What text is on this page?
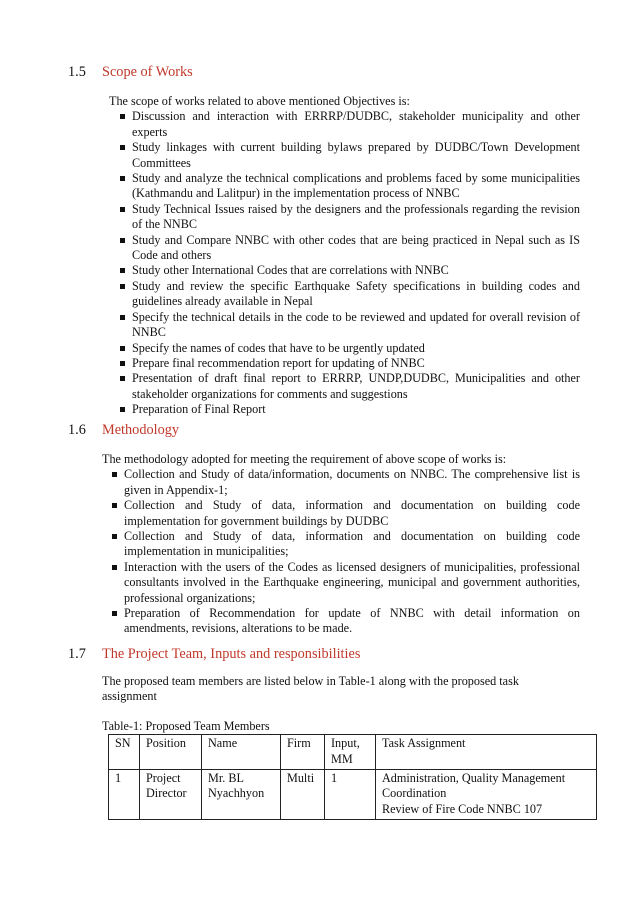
1.5 Scope of Works

The scope of works related to above mentioned Objectives is:

Discussion and interaction with ERRRP/DUDBC, stakeholder municipality and other experts
Study linkages with current building bylaws prepared by DUDBC/Town Development Committees
Study and analyze the technical complications and problems faced by some municipalities (Kathmandu and Lalitpur) in the implementation process of NNBC
Study Technical Issues raised by the designers and the professionals regarding the revision of the NNBC
Study and Compare NNBC with other codes that are being practiced in Nepal such as IS Code and others
Study other International Codes that are correlations with NNBC
Study and review the specific Earthquake Safety specifications in building codes and guidelines already available in Nepal
Specify the technical details in the code to be reviewed and updated for overall revision of NNBC
Specify the names of codes that have to be urgently updated
Prepare final recommendation report for updating of NNBC
Presentation of draft final report to ERRRP, UNDP,DUDBC, Municipalities and other stakeholder organizations for comments and suggestions
Preparation of Final Report
1.6 Methodology

The methodology adopted for meeting the requirement of above scope of works is:

Collection and Study of data/information, documents on NNBC. The comprehensive list is given in Appendix-1;
Collection and Study of data, information and documentation on building code implementation for government buildings by DUDBC
Collection and Study of data, information and documentation on building code implementation in municipalities;
Interaction with the users of the Codes as licensed designers of municipalities, professional consultants involved in the Earthquake engineering, municipal and government authorities, professional organizations;
Preparation of Recommendation for update of NNBC with detail information on amendments, revisions, alterations to be made.
1.7 The Project Team, Inputs and responsibilities

The proposed team members are listed below in Table-1 along with the proposed task assignment

Table-1: Proposed Team Members
SN	Position	Name	Firm	Input, MM	Task Assignment
1	Project Director	Mr. BL Nyachhyon	Multi	1	Administration, Quality Management
Coordination
Review of Fire Code NNBC 107
